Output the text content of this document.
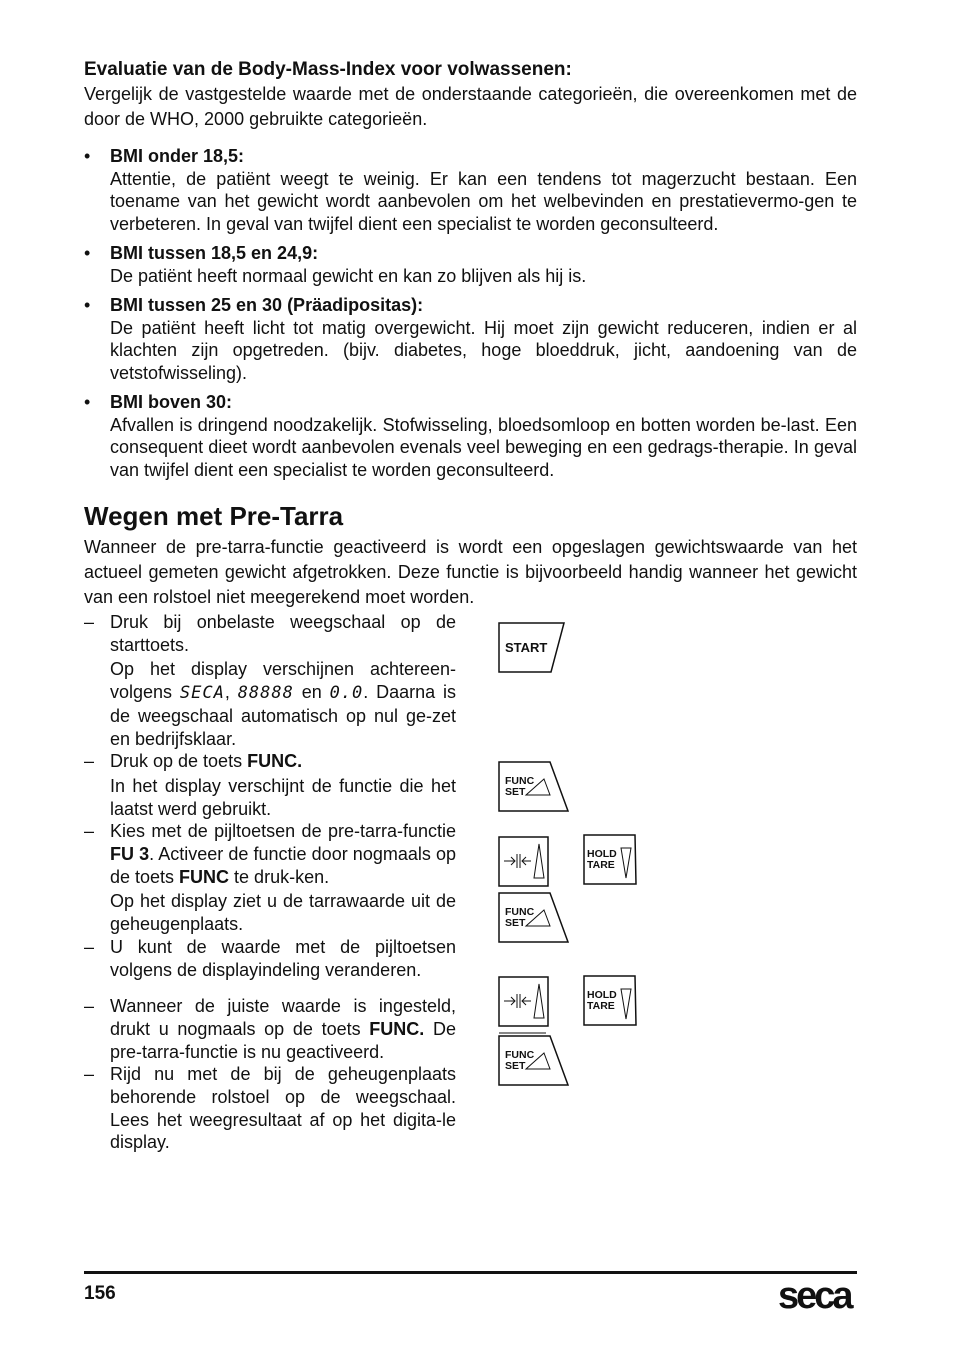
Evaluatie van de Body-Mass-Index voor volwassenen:

Vergelijk de vastgestelde waarde met de onderstaande categorieën, die overeenkomen met de door de WHO, 2000 gebruikte categorieën.

• BMI onder 18,5:
Attentie, de patiënt weegt te weinig. Er kan een tendens tot magerzucht bestaan. Een toename van het gewicht wordt aanbevolen om het welbevinden en prestatievermo-gen te verbeteren. In geval van twijfel dient een specialist te worden geconsulteerd.
• BMI tussen 18,5 en 24,9:
De patiënt heeft normaal gewicht en kan zo blijven als hij is.
• BMI tussen 25 en 30 (Präadipositas):
De patiënt heeft licht tot matig overgewicht. Hij moet zijn gewicht reduceren, indien er al klachten zijn opgetreden. (bijv. diabetes, hoge bloeddruk, jicht, aandoening van de vetstofwisseling).
• BMI boven 30:
Afvallen is dringend noodzakelijk. Stofwisseling, bloedsomloop en botten worden be-last. Een consequent dieet wordt aanbevolen evenals veel beweging en een gedrags-therapie. In geval van twijfel dient een specialist te worden geconsulteerd.

Wegen met Pre-Tarra

Wanneer de pre-tarra-functie geactiveerd is wordt een opgeslagen gewichtswaarde van het actueel gemeten gewicht afgetrokken. Deze functie is bijvoorbeeld handig wanneer het gewicht van een rolstoel niet meegerekend moet worden.

– Druk bij onbelaste weegschaal op de starttoets.

Op het display verschijnen achtereen-volgens SECA, 88888 en 0.0. Daarna is de weegschaal automatisch op nul ge-zet en bedrijfsklaar.

– Druk op de toets FUNC.

In het display verschijnt de functie die het laatst werd gebruikt.

– Kies met de pijltoetsen de pre-tarra-functie FU 3. Activeer de functie door nogmaals op de toets FUNC te druk-ken.

Op het display ziet u de tarrawaarde uit de geheugenplaats.

– U kunt de waarde met de pijltoetsen volgens de displayindeling veranderen.

– Wanneer de juiste waarde is ingesteld, drukt u nogmaals op de toets FUNC. De pre-tarra-functie is nu geactiveerd.

– Rijd nu met de bij de geheugenplaats behorende rolstoel op de weegschaal. Lees het weegresultaat af op het digita-le display.

START
FUNC
SET
HOLD
TARE
FUNC
SET
HOLD
TARE
FUNC
SET
156	seca
